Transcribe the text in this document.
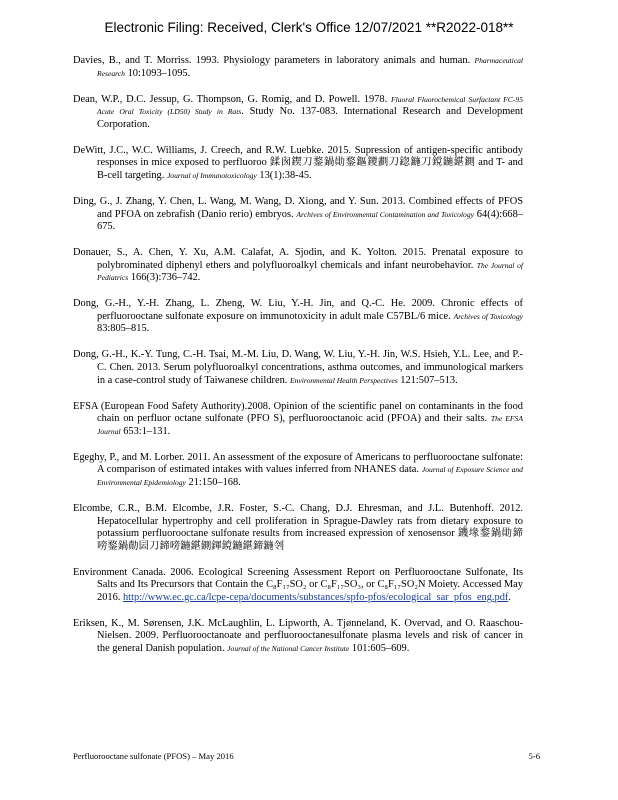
Electronic Filing: Received, Clerk's Office 12/07/2021 **R2022-018**

Davies, B., and T. Morriss. 1993. Physiology parameters in laboratory animals and human. Pharmaceutical Research 10:1093–1095.

Dean, W.P., D.C. Jessup, G. Thompson, G. Romig, and D. Powell. 1978. Fluoral Fluorochemical Surfactant FC-95 Acute Oral Toxicity (LD50) Study in Rats. Study No. 137-083. International Research and Development Corporation.

DeWitt, J.C., W.C. Williams, J. Creech, and R.W. Luebke. 2015. Supression of antigen-specific antibody responses in mice exposed to perfluoroo 鍒囪鍥刀鍪鍋勛鍪鏂鑁劃刀鍃鍦刀鎲鍦鍖鍘 and T- and B-cell targeting. Journal of Immunotoxicology 13(1):38-45.

Ding, G., J. Zhang, Y. Chen, L. Wang, M. Wang, D. Xiong, and Y. Sun. 2013. Combined effects of PFOS and PFOA on zebrafish (Danio rerio) embryos. Archives of Environmental Contamination and Toxicology 64(4):668–675.

Donauer, S., A. Chen, Y. Xu, A.M. Calafat, A. Sjodin, and K. Yolton. 2015. Prenatal exposure to polybrominated diphenyl ethers and polyfluoroalkyl chemicals and infant neurobehavior. The Journal of Pediatrics 166(3):736–742.

Dong, G.-H., Y.-H. Zhang, L. Zheng, W. Liu, Y.-H. Jin, and Q.-C. He. 2009. Chronic effects of perfluorooctane sulfonate exposure on immunotoxicity in adult male C57BL/6 mice. Archives of Toxicology 83:805–815.

Dong, G.-H., K.-Y. Tung, C.-H. Tsai, M.-M. Liu, D. Wang, W. Liu, Y.-H. Jin, W.S. Hsieh, Y.L. Lee, and P.-C. Chen. 2013. Serum polyfluoroalkyl concentrations, asthma outcomes, and immunological markers in a case-control study of Taiwanese children. Environmental Health Perspectives 121:507–513.

EFSA (European Food Safety Authority).2008. Opinion of the scientific panel on contaminants in the food chain on perfluor octane sulfonate (PFO S), perfluorooctanoic acid (PFOA) and their salts. The EFSA Journal 653:1–131.

Egeghy, P., and M. Lorber. 2011. An assessment of the exposure of Americans to perfluorooctane sulfonate: A comparison of estimated intakes with values inferred from NHANES data. Journal of Exposure Science and Environmental Epidemiology 21:150–168.

Elcombe, C.R., B.M. Elcombe, J.R. Foster, S.-C. Chang, D.J. Ehresman, and J.L. Butenhoff. 2012. Hepatocellular hypertrophy and cell proliferation in Sprague-Dawley rats from dietary exposure to potassium perfluorooctane sulfonate results from increased expression of xenosensor 鐖堟鍪鍋勛鍗嗙鍪鍋勣囩刀鍗嗙鍦鍖鍘鍕鎲鍦鍖鍗鍦刢

Environment Canada. 2006. Ecological Screening Assessment Report on Perfluorooctane Sulfonate, Its Salts and Its Precursors that Contain the C₈F₁₇SO₂ or C₈F₁₇SO₃, or C₈F₁₇SO₂N Moiety. Accessed May 2016. http://www.ec.gc.ca/lcpe-cepa/documents/substances/spfo-pfos/ecological_sar_pfos_eng.pdf.

Eriksen, K., M. Sørensen, J.K. McLaughlin, L. Lipworth, A. Tjønneland, K. Overvad, and O. Raaschou-Nielsen. 2009. Perfluorooctanoate and perfluorooctanesulfonate plasma levels and risk of cancer in the general Danish population. Journal of the National Cancer Institute 101:605–609.

Perfluorooctane sulfonate (PFOS) – May 2016	5-6
